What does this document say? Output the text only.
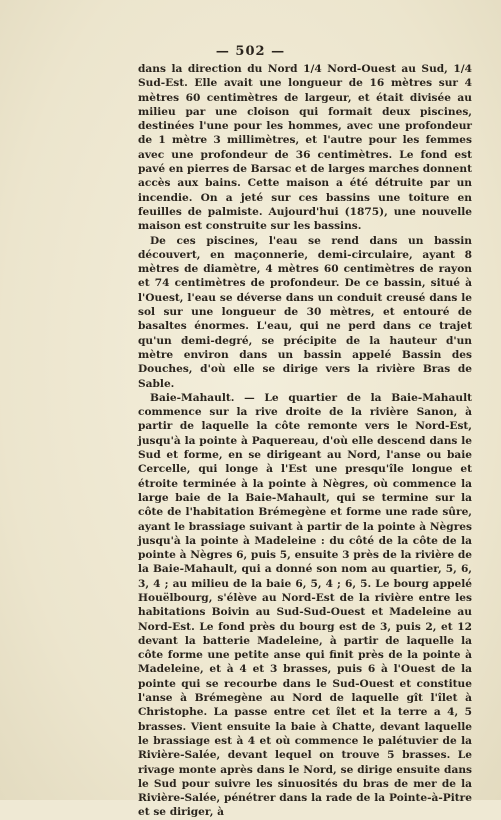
— 502 —

dans la direction du Nord 1/4 Nord-Ouest au Sud, 1/4 Sud-Est. Elle avait une longueur de 16 mètres sur 4 mètres 60 centimètres de largeur, et était divisée au milieu par une cloison qui formait deux piscines, destinées l'une pour les hommes, avec une profondeur de 1 mètre 3 millimètres, et l'autre pour les femmes avec une profondeur de 36 centimètres. Le fond est pavé en pierres de Barsac et de larges marches donnent accès aux bains. Cette maison a été détruite par un incendie. On a jeté sur ces bassins une toiture en feuilles de palmiste. Aujourd'hui (1875), une nouvelle maison est construite sur les bassins.

De ces piscines, l'eau se rend dans un bassin découvert, en maçonnerie, demi-circulaire, ayant 8 mètres de diamètre, 4 mètres 60 centimètres de rayon et 74 centimètres de profondeur. De ce bassin, situé à l'Ouest, l'eau se déverse dans un conduit creusé dans le sol sur une longueur de 30 mètres, et entouré de basaltes énormes. L'eau, qui ne perd dans ce trajet qu'un demi-degré, se précipite de la hauteur d'un mètre environ dans un bassin appelé Bassin des Douches, d'où elle se dirige vers la rivière Bras de Sable.

Baie-Mahault. — Le quartier de la Baie-Mahault commence sur la rive droite de la rivière Sanon, à partir de laquelle la côte remonte vers le Nord-Est, jusqu'à la pointe à Paquereau, d'où elle descend dans le Sud et forme, en se dirigeant au Nord, l'anse ou baie Cercelle, qui longe à l'Est une presqu'île longue et étroite terminée à la pointe à Nègres, où commence la large baie de la Baie-Mahault, qui se termine sur la côte de l'habitation Brémegène et forme une rade sûre, ayant le brassiage suivant à partir de la pointe à Nègres jusqu'à la pointe à Madeleine : du côté de la côte de la pointe à Nègres 6, puis 5, ensuite 3 près de la rivière de la Baie-Mahault, qui a donné son nom au quartier, 5, 6, 3, 4 ; au milieu de la baie 6, 5, 4 ; 6, 5. Le bourg appelé Houëlbourg, s'élève au Nord-Est de la rivière entre les habitations Boivin au Sud-Sud-Ouest et Madeleine au Nord-Est. Le fond près du bourg est de 3, puis 2, et 12 devant la batterie Madeleine, à partir de laquelle la côte forme une petite anse qui finit près de la pointe à Madeleine, et à 4 et 3 brasses, puis 6 à l'Ouest de la pointe qui se recourbe dans le Sud-Ouest et constitue l'anse à Brémegène au Nord de laquelle gît l'îlet à Christophe. La passe entre cet îlet et la terre a 4, 5 brasses. Vient ensuite la baie à Chatte, devant laquelle le brassiage est à 4 et où commence le palétuvier de la Rivière-Salée, devant lequel on trouve 5 brasses. Le rivage monte après dans le Nord, se dirige ensuite dans le Sud pour suivre les sinuosités du bras de mer de la Rivière-Salée, pénétrer dans la rade de la Pointe-à-Pitre et se diriger, à
